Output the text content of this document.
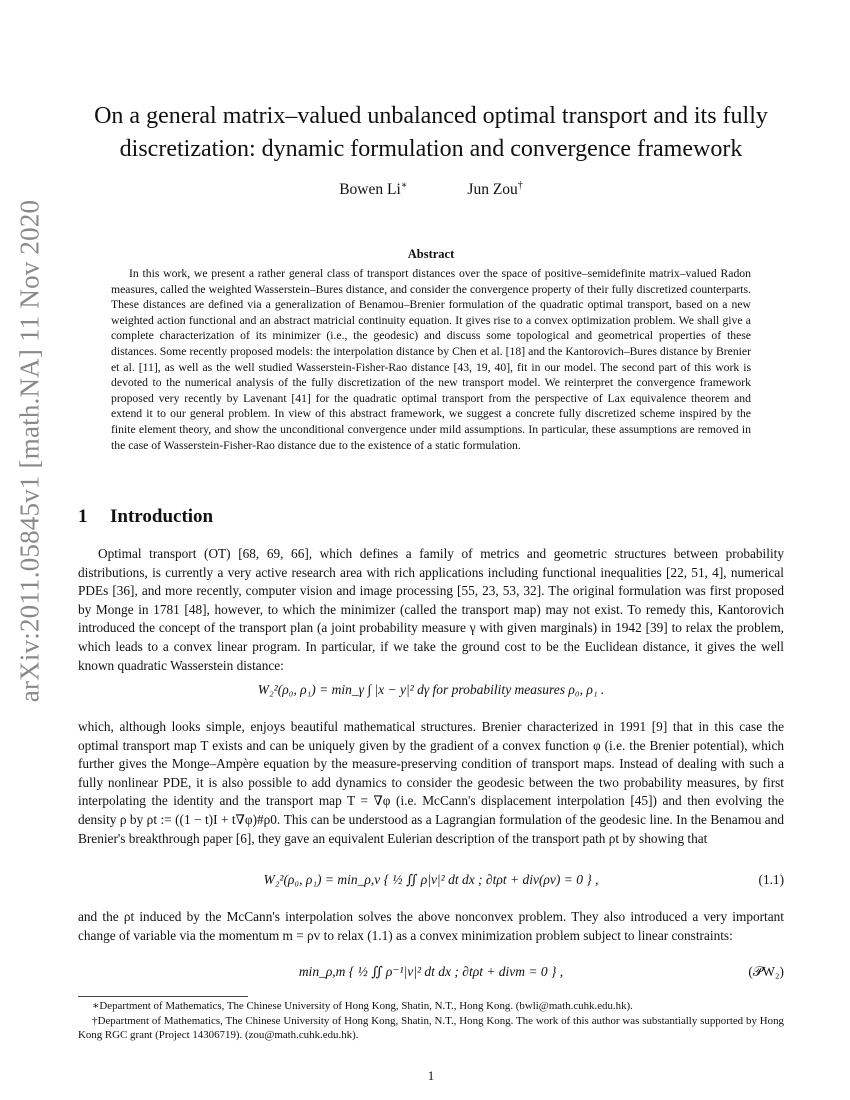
arXiv:2011.05845v1 [math.NA] 11 Nov 2020
On a general matrix–valued unbalanced optimal transport and its fully discretization: dynamic formulation and convergence framework
Bowen Li∗	Jun Zou†
Abstract

In this work, we present a rather general class of transport distances over the space of positive–semidefinite matrix–valued Radon measures, called the weighted Wasserstein–Bures distance, and consider the convergence property of their fully discretized counterparts. These distances are defined via a generalization of Benamou–Brenier formulation of the quadratic optimal transport, based on a new weighted action functional and an abstract matricial continuity equation. It gives rise to a convex optimization problem. We shall give a complete characterization of its minimizer (i.e., the geodesic) and discuss some topological and geometrical properties of these distances. Some recently proposed models: the interpolation distance by Chen et al. [18] and the Kantorovich–Bures distance by Brenier et al. [11], as well as the well studied Wasserstein-Fisher-Rao distance [43, 19, 40], fit in our model. The second part of this work is devoted to the numerical analysis of the fully discretization of the new transport model. We reinterpret the convergence framework proposed very recently by Lavenant [41] for the quadratic optimal transport from the perspective of Lax equivalence theorem and extend it to our general problem. In view of this abstract framework, we suggest a concrete fully discretized scheme inspired by the finite element theory, and show the unconditional convergence under mild assumptions. In particular, these assumptions are removed in the case of Wasserstein-Fisher-Rao distance due to the existence of a static formulation.

1 Introduction

Optimal transport (OT) [68, 69, 66], which defines a family of metrics and geometric structures between probability distributions, is currently a very active research area with rich applications including functional inequalities [22, 51, 4], numerical PDEs [36], and more recently, computer vision and image processing [55, 23, 53, 32]. The original formulation was first proposed by Monge in 1781 [48], however, to which the minimizer (called the transport map) may not exist. To remedy this, Kantorovich introduced the concept of the transport plan (a joint probability measure γ with given marginals) in 1942 [39] to relax the problem, which leads to a convex linear program. In particular, if we take the ground cost to be the Euclidean distance, it gives the well known quadratic Wasserstein distance:

W₂²(ρ₀, ρ₁) = min_γ ∫ |x − y|² dγ for probability measures ρ₀, ρ₁ .

which, although looks simple, enjoys beautiful mathematical structures. Brenier characterized in 1991 [9] that in this case the optimal transport map T exists and can be uniquely given by the gradient of a convex function φ (i.e. the Brenier potential), which further gives the Monge–Ampère equation by the measure-preserving condition of transport maps. Instead of dealing with such a fully nonlinear PDE, it is also possible to add dynamics to consider the geodesic between the two probability measures, by first interpolating the identity and the transport map T = ∇φ (i.e. McCann's displacement interpolation [45]) and then evolving the density ρ by ρt := ((1 − t)I + t∇φ)#ρ0. This can be understood as a Lagrangian formulation of the geodesic line. In the Benamou and Brenier's breakthrough paper [6], they gave an equivalent Eulerian description of the transport path ρt by showing that

W₂²(ρ₀, ρ₁) = min_ρ,v { ½ ∬ ρ|v|² dt dx ; ∂tρt + div(ρv) = 0 } ,	(1.1)

and the ρt induced by the McCann's interpolation solves the above nonconvex problem. They also introduced a very important change of variable via the momentum m = ρv to relax (1.1) as a convex minimization problem subject to linear constraints:

min_ρ,m { ½ ∬ ρ⁻¹|v|² dt dx ; ∂tρt + divm = 0 } ,	(𝒫W₂)

∗Department of Mathematics, The Chinese University of Hong Kong, Shatin, N.T., Hong Kong. (bwli@math.cuhk.edu.hk).

†Department of Mathematics, The Chinese University of Hong Kong, Shatin, N.T., Hong Kong. The work of this author was substantially supported by Hong Kong RGC grant (Project 14306719). (zou@math.cuhk.edu.hk).

1
